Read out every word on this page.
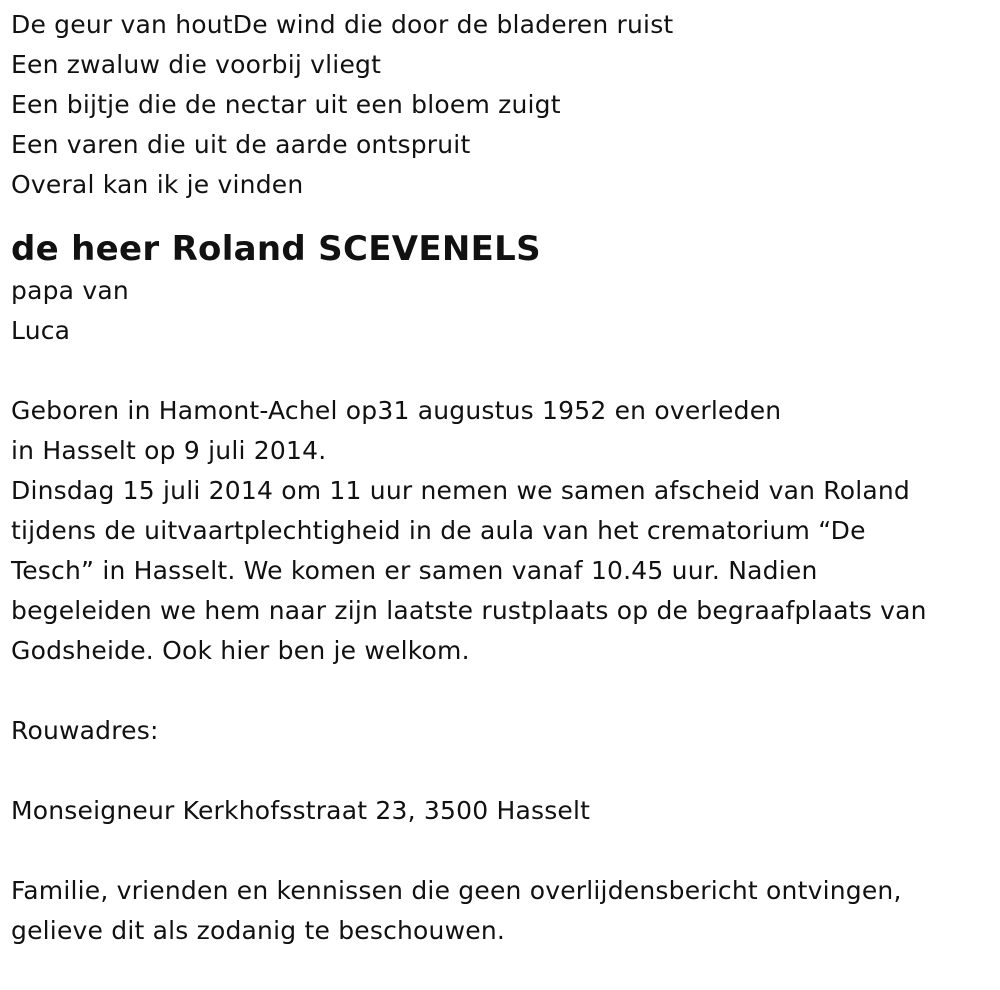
De geur van houtDe wind die door de bladeren ruist
Een zwaluw die voorbij vliegt
Een bijtje die de nectar uit een bloem zuigt
Een varen die uit de aarde ontspruit
Overal kan ik je vinden
de heer Roland SCEVENELS
papa van
Luca
Geboren in Hamont-Achel op31 augustus 1952 en overleden
in Hasselt op 9 juli 2014.
Dinsdag 15 juli 2014 om 11 uur nemen we samen afscheid van Roland
tijdens de uitvaartplechtigheid in de aula van het crematorium “De
Tesch” in Hasselt. We komen er samen vanaf 10.45 uur. Nadien
begeleiden we hem naar zijn laatste rustplaats op de begraafplaats van
Godsheide. Ook hier ben je welkom.
Rouwadres:
Monseigneur Kerkhofsstraat 23, 3500 Hasselt
Familie, vrienden en kennissen die geen overlijdensbericht ontvingen,
gelieve dit als zodanig te beschouwen.
